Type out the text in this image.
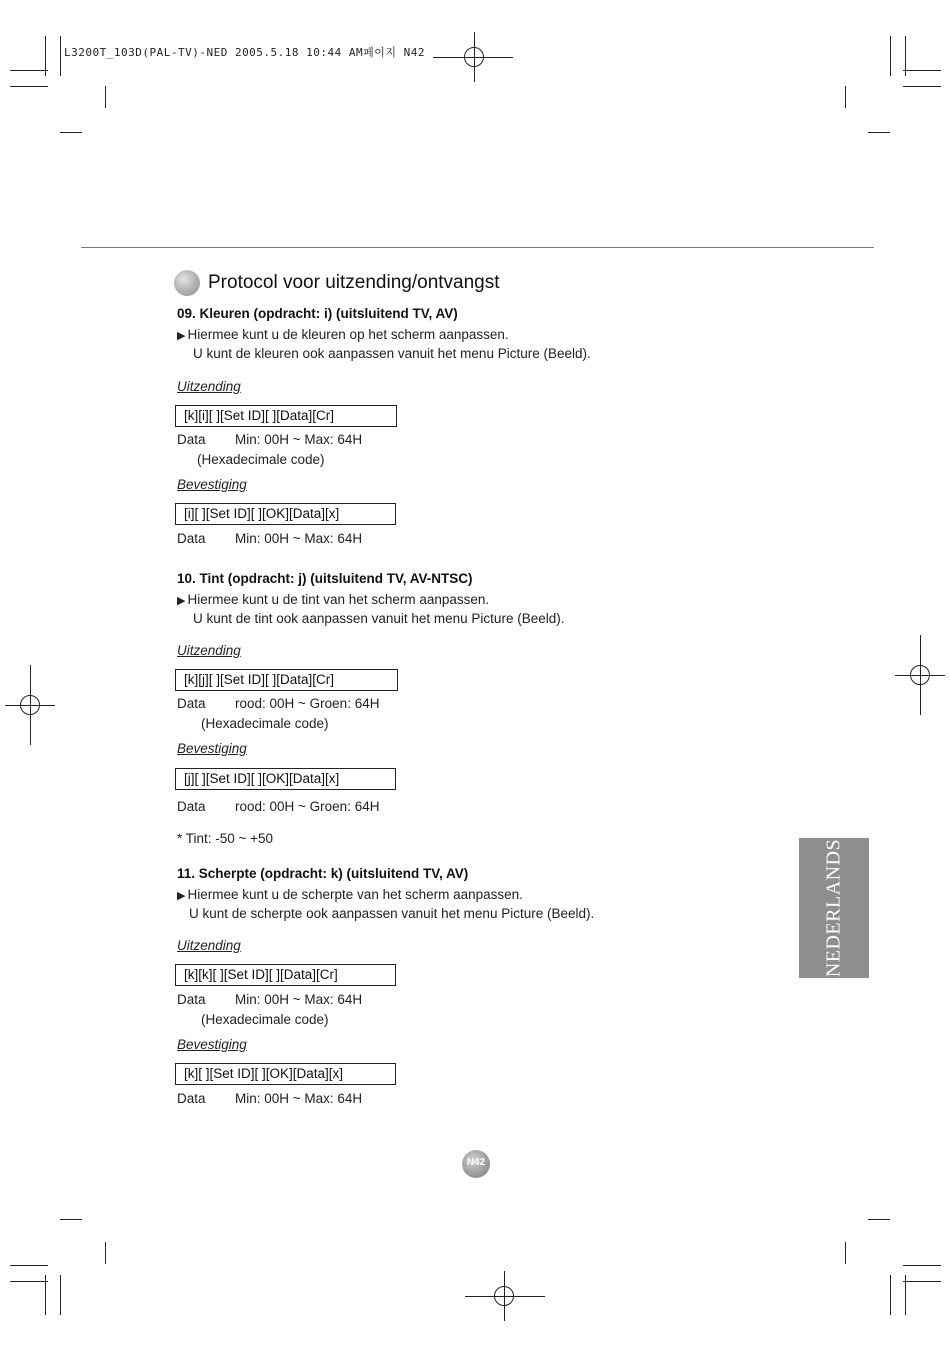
L3200T_103D(PAL-TV)-NED 2005.5.18 10:44 AM페이지 N42
Protocol voor uitzending/ontvangst
09. Kleuren (opdracht: i) (uitsluitend TV, AV)
▶ Hiermee kunt u de kleuren op het scherm aanpassen.
U kunt de kleuren ook aanpassen vanuit het menu Picture (Beeld).
Uitzending
[k][i][ ][Set ID][ ][Data][Cr]
Data Min: 00H ~ Max: 64H
(Hexadecimale code)
Bevestiging
[i][ ][Set ID][ ][OK][Data][x]
Data Min: 00H ~ Max: 64H
10. Tint (opdracht: j) (uitsluitend TV, AV-NTSC)
▶ Hiermee kunt u de tint van het scherm aanpassen.
U kunt de tint ook aanpassen vanuit het menu Picture (Beeld).
Uitzending
[k][j][ ][Set ID][ ][Data][Cr]
Data rood: 00H ~ Groen: 64H
(Hexadecimale code)
Bevestiging
[j][ ][Set ID][ ][OK][Data][x]
Data rood: 00H ~ Groen: 64H
* Tint: -50 ~ +50
11. Scherpte (opdracht: k) (uitsluitend TV, AV)
▶ Hiermee kunt u de scherpte van het scherm aanpassen.
U kunt de scherpte ook aanpassen vanuit het menu Picture (Beeld).
Uitzending
[k][k][ ][Set ID][ ][Data][Cr]
Data Min: 00H ~ Max: 64H
(Hexadecimale code)
Bevestiging
[k][ ][Set ID][ ][OK][Data][x]
Data Min: 00H ~ Max: 64H
NEDERLANDS
N42
